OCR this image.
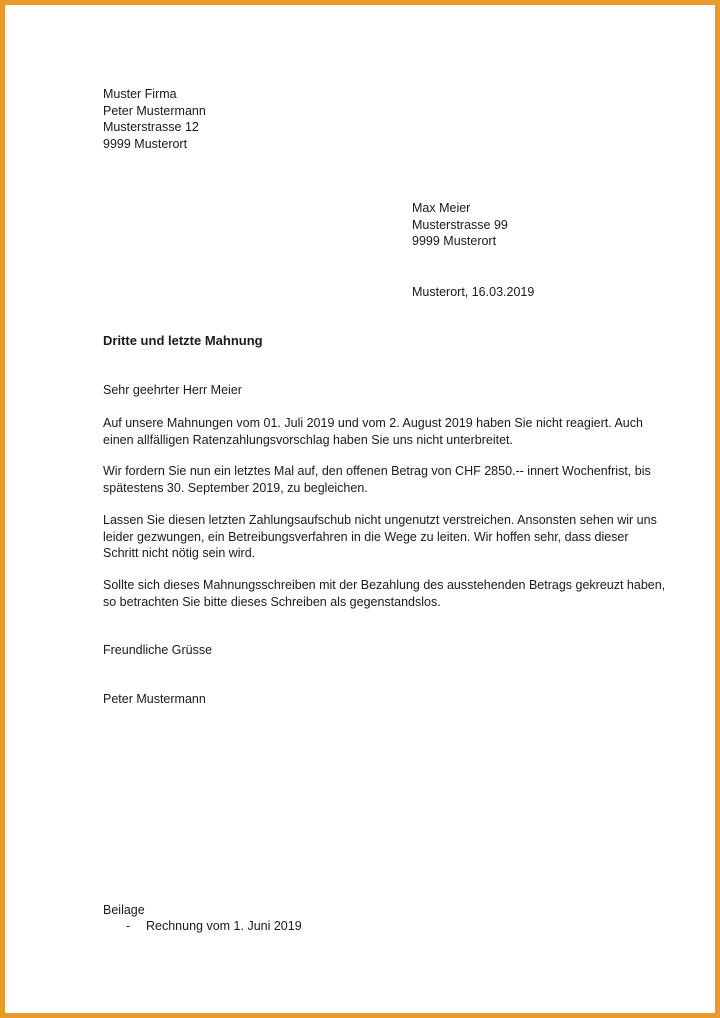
Muster Firma
Peter Mustermann
Musterstrasse 12
9999 Musterort
Max Meier
Musterstrasse 99
9999 Musterort
Musterort, 16.03.2019
Dritte und letzte Mahnung
Sehr geehrter Herr Meier
Auf unsere Mahnungen vom 01. Juli 2019 und vom 2. August 2019 haben Sie nicht reagiert. Auch
einen allfälligen Ratenzahlungsvorschlag haben Sie uns nicht unterbreitet.
Wir fordern Sie nun ein letztes Mal auf, den offenen Betrag von CHF 2850.-- innert Wochenfrist, bis
spätestens 30. September 2019, zu begleichen.
Lassen Sie diesen letzten Zahlungsaufschub nicht ungenutzt verstreichen. Ansonsten sehen wir uns
leider gezwungen, ein Betreibungsverfahren in die Wege zu leiten. Wir hoffen sehr, dass dieser
Schritt nicht nötig sein wird.
Sollte sich dieses Mahnungsschreiben mit der Bezahlung des ausstehenden Betrags gekreuzt haben,
so betrachten Sie bitte dieses Schreiben als gegenstandslos.
Freundliche Grüsse
Peter Mustermann
Beilage
- Rechnung vom 1. Juni 2019
